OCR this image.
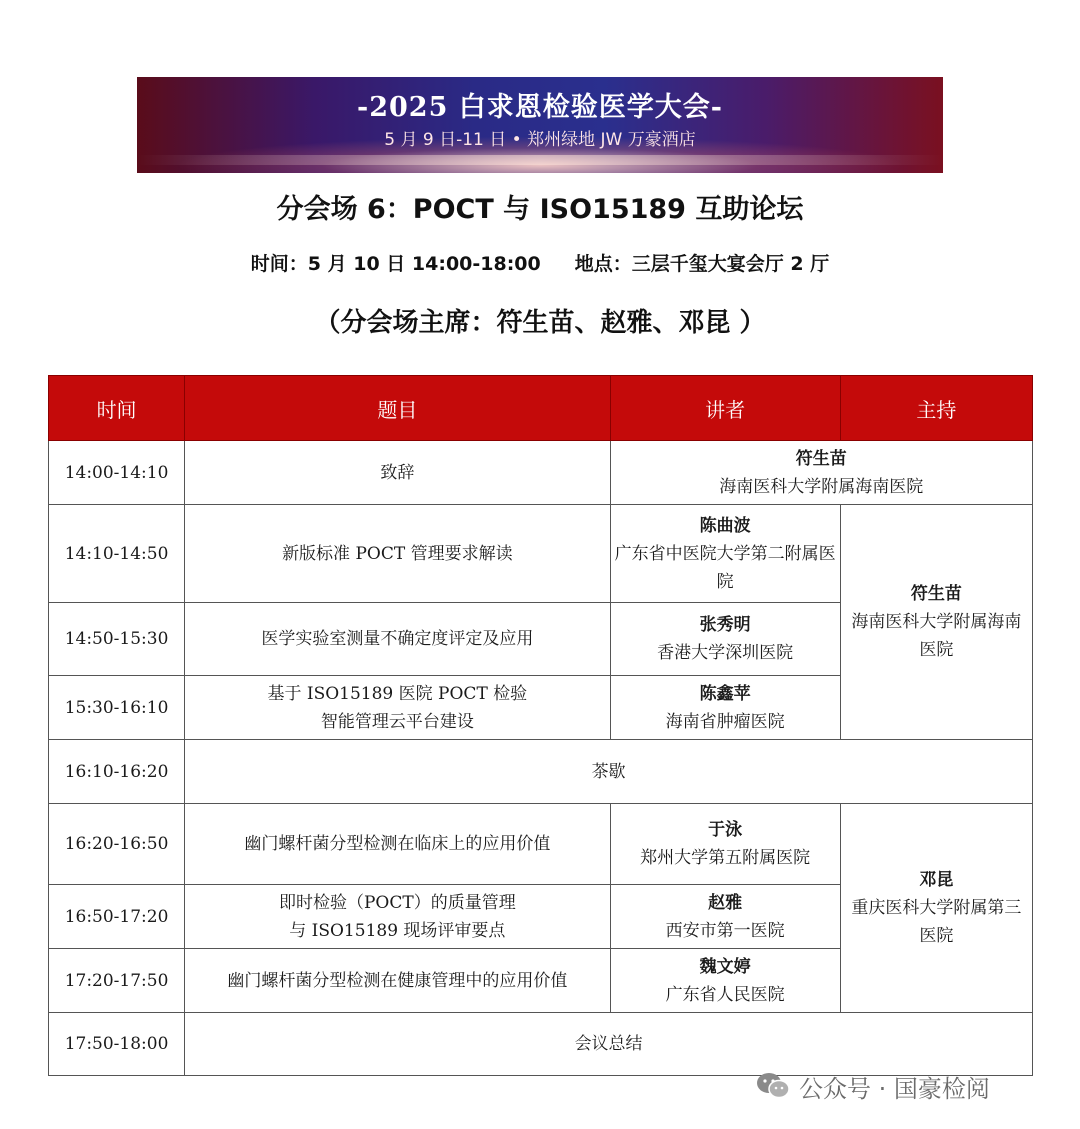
-2025 白求恩检验医学大会-
5 月 9 日-11 日 • 郑州绿地 JW 万豪酒店
分会场 6：POCT 与 ISO15189 互助论坛
时间：5 月 10 日 14:00-18:00 地点：三层千玺大宴会厅 2 厅
（分会场主席：符生苗、赵雅、邓昆 ）
时间	题目	讲者	主持
14:00-14:10	致辞	符生苗
海南医科大学附属海南医院	

14:10-14:50	新版标准 POCT 管理要求解读	陈曲波
广东省中医院大学第二附属医院	符生苗
海南医科大学附属海南医院

14:50-15:30	医学实验室测量不确定度评定及应用	张秀明
香港大学深圳医院	

15:30-16:10	基于 ISO15189 医院 POCT 检验
智能管理云平台建设	陈鑫苹
海南省肿瘤医院	

16:10-16:20	茶歇		
16:20-16:50	幽门螺杆菌分型检测在临床上的应用价值	于泳
郑州大学第五附属医院	邓昆
重庆医科大学附属第三医院

16:50-17:20	即时检验（POCT）的质量管理
与 ISO15189 现场评审要点	赵雅
西安市第一医院	

17:20-17:50	幽门螺杆菌分型检测在健康管理中的应用价值	魏文婷
广东省人民医院	

17:50-18:00	会议总结		
公众号 · 国豪检阅
